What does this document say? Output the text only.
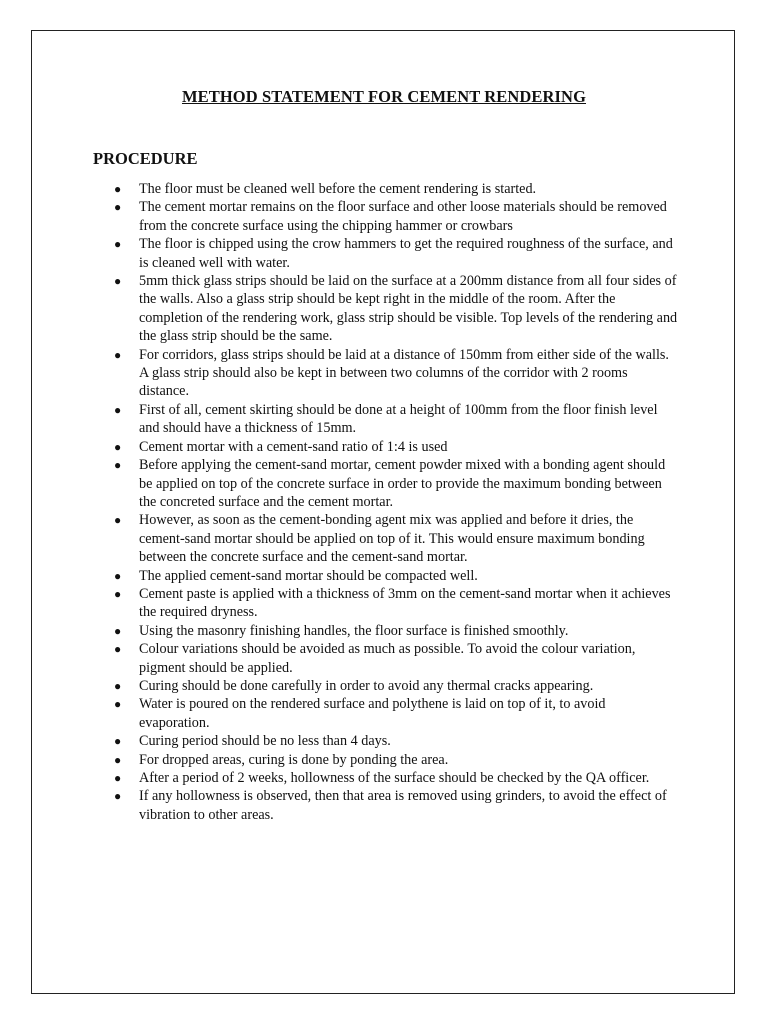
METHOD STATEMENT FOR CEMENT RENDERING
PROCEDURE
● The floor must be cleaned well before the cement rendering is started.
● The cement mortar remains on the floor surface and other loose materials should be removed from the concrete surface using the chipping hammer or crowbars
● The floor is chipped using the crow hammers to get the required roughness of the surface, and is cleaned well with water.
● 5mm thick glass strips should be laid on the surface at a 200mm distance from all four sides of the walls. Also a glass strip should be kept right in the middle of the room. After the completion of the rendering work, glass strip should be visible. Top levels of the rendering and the glass strip should be the same.
● For corridors, glass strips should be laid at a distance of 150mm from either side of the walls. A glass strip should also be kept in between two columns of the corridor with 2 rooms distance.
● First of all, cement skirting should be done at a height of 100mm from the floor finish level and should have a thickness of 15mm.
● Cement mortar with a cement-sand ratio of 1:4 is used
● Before applying the cement-sand mortar, cement powder mixed with a bonding agent should be applied on top of the concrete surface in order to provide the maximum bonding between the concreted surface and the cement mortar.
● However, as soon as the cement-bonding agent mix was applied and before it dries, the cement-sand mortar should be applied on top of it. This would ensure maximum bonding between the concrete surface and the cement-sand mortar.
● The applied cement-sand mortar should be compacted well.
● Cement paste is applied with a thickness of 3mm on the cement-sand mortar when it achieves the required dryness.
● Using the masonry finishing handles, the floor surface is finished smoothly.
● Colour variations should be avoided as much as possible. To avoid the colour variation, pigment should be applied.
● Curing should be done carefully in order to avoid any thermal cracks appearing.
● Water is poured on the rendered surface and polythene is laid on top of it, to avoid evaporation.
● Curing period should be no less than 4 days.
● For dropped areas, curing is done by ponding the area.
● After a period of 2 weeks, hollowness of the surface should be checked by the QA officer.
● If any hollowness is observed, then that area is removed using grinders, to avoid the effect of vibration to other areas.
